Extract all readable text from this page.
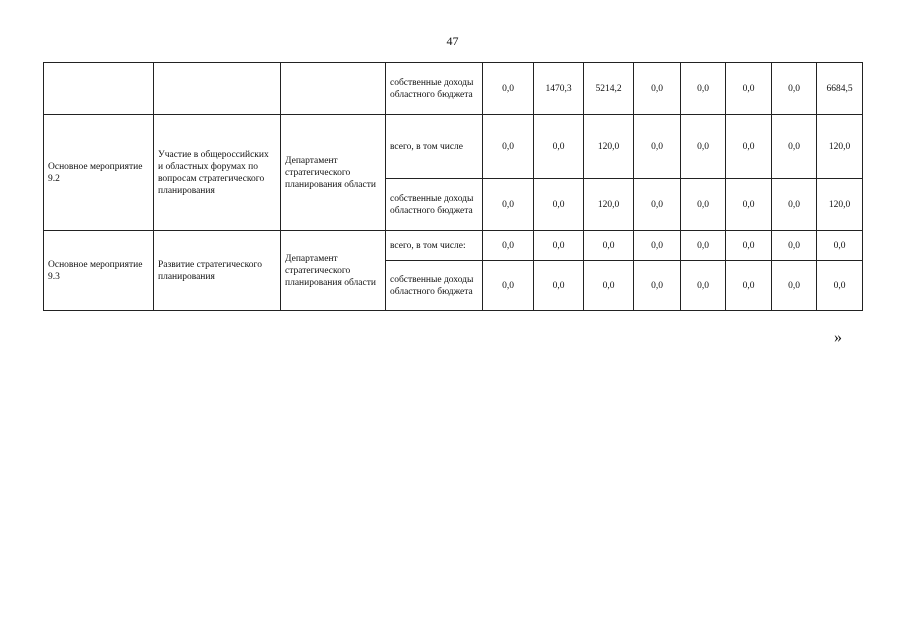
47
			собственные доходы областного бюджета	0,0	1470,3	5214,2	0,0	0,0	0,0	0,0	6684,5
Основное мероприятие 9.2	Участие в общероссийских и областных форумах по вопросам стратегического планирования	Департамент стратегического планирования области	всего, в том числе	0,0	0,0	120,0	0,0	0,0	0,0	0,0	120,0
			собственные доходы областного бюджета	0,0	0,0	120,0	0,0	0,0	0,0	0,0	120,0
Основное мероприятие 9.3	Развитие стратегического планирования	Департамент стратегического планирования области	всего, в том числе:	0,0	0,0	0,0	0,0	0,0	0,0	0,0	0,0
			собственные доходы областного бюджета	0,0	0,0	0,0	0,0	0,0	0,0	0,0	0,0
»
